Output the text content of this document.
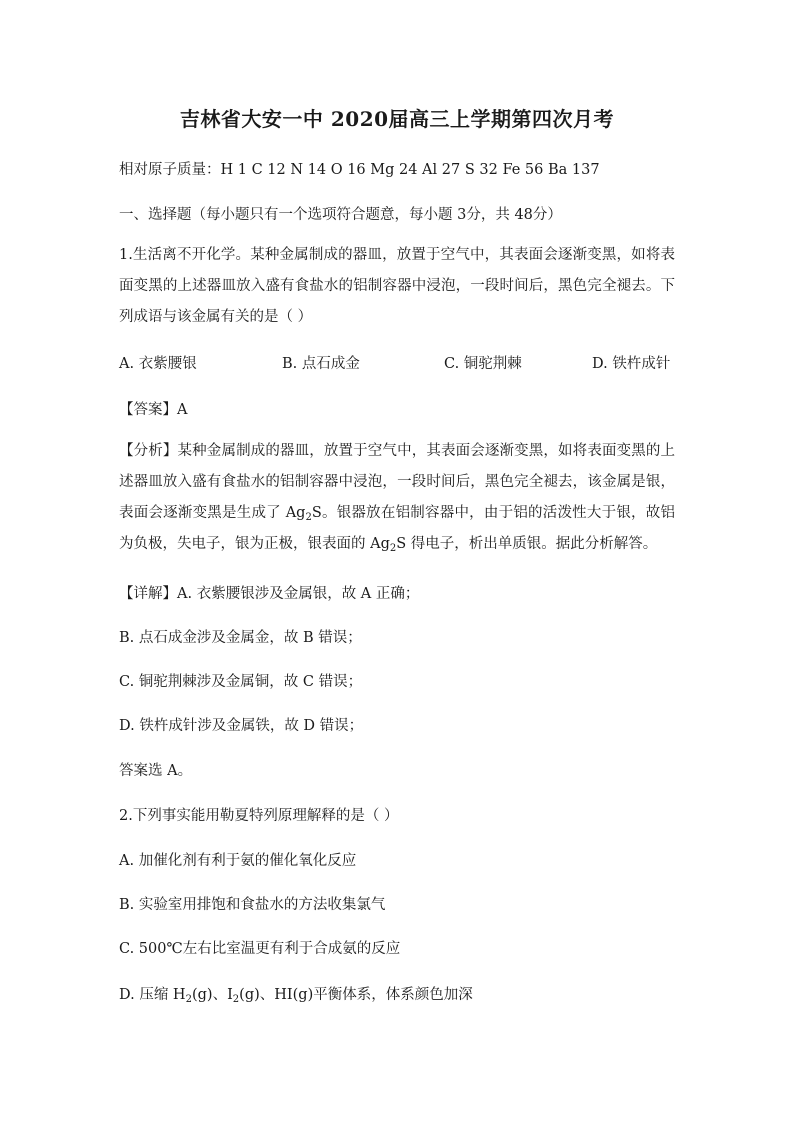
吉林省大安一中 2020届高三上学期第四次月考
相对原子质量：H 1 C 12 N 14 O 16 Mg 24 Al 27 S 32 Fe 56 Ba 137
一、选择题（每小题只有一个选项符合题意，每小题 3分，共 48分）
1.生活离不开化学。某种金属制成的器皿，放置于空气中，其表面会逐渐变黑，如将表面变黑的上述器皿放入盛有食盐水的铝制容器中浸泡，一段时间后，黑色完全褪去。下列成语与该金属有关的是（ ）
A. 衣紫腰银	B. 点石成金	C. 铜驼荆棘	D. 铁杵成针
【答案】A
【分析】某种金属制成的器皿，放置于空气中，其表面会逐渐变黑，如将表面变黑的上述器皿放入盛有食盐水的铝制容器中浸泡，一段时间后，黑色完全褪去，该金属是银，表面会逐渐变黑是生成了 $Ag_2S$。银器放在铝制容器中，由于铝的活泼性大于银，故铝为负极，失电子，银为正极，银表面的 $Ag_2S$ 得电子，析出单质银。据此分析解答。
【详解】A. 衣紫腰银涉及金属银，故 A 正确；
B. 点石成金涉及金属金，故 B 错误；
C. 铜驼荆棘涉及金属铜，故 C 错误；
D. 铁杵成针涉及金属铁，故 D 错误；
答案选 A。
2.下列事实能用勒夏特列原理解释的是（ ）
A. 加催化剂有利于氨的催化氧化反应
B. 实验室用排饱和食盐水的方法收集氯气
C. 500℃左右比室温更有利于合成氨的反应
D. 压缩 $H_2(g)$、$I_2(g)$、HI(g)平衡体系，体系颜色加深
